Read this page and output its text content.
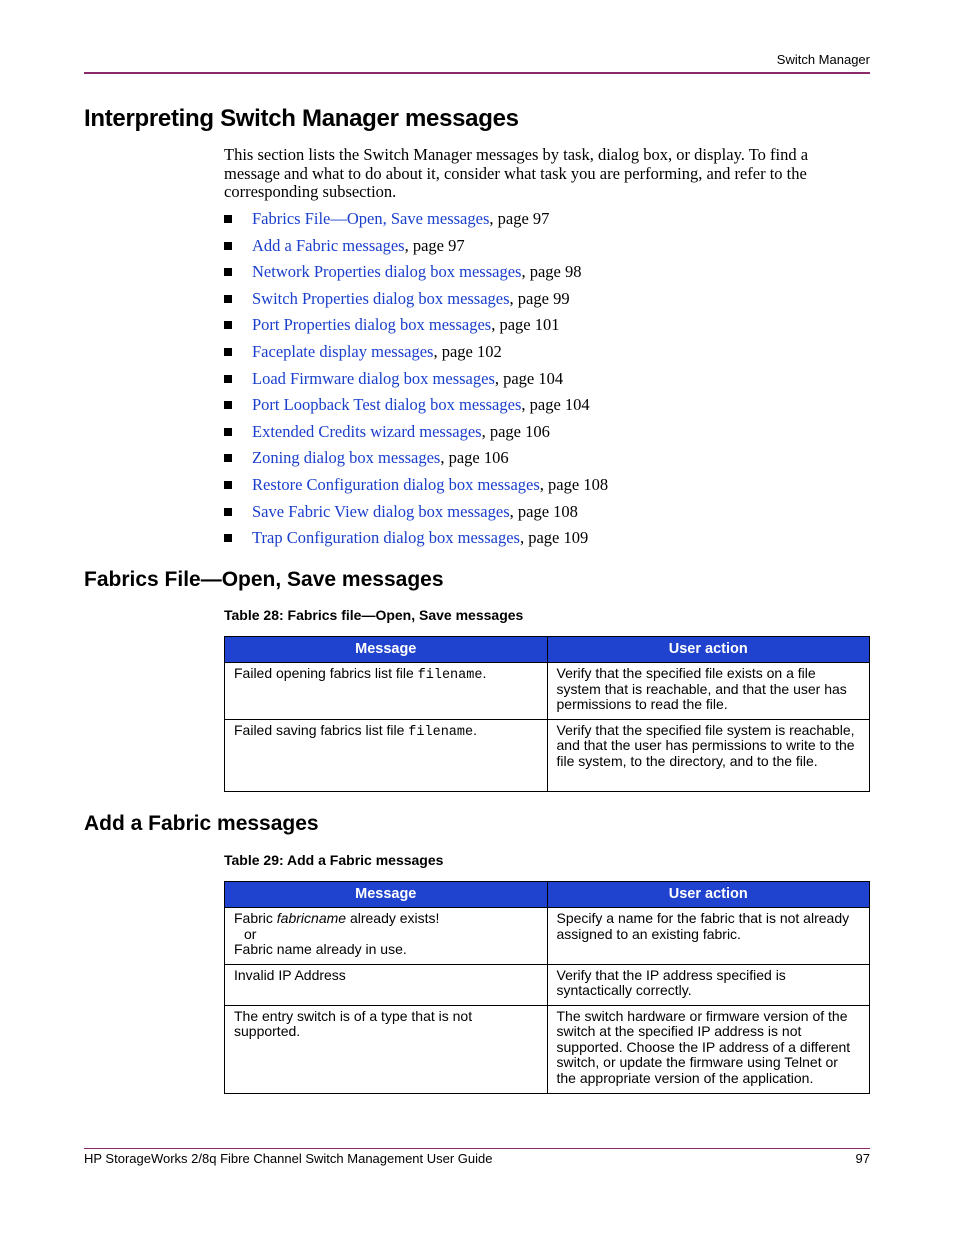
Switch Manager
Interpreting Switch Manager messages

This section lists the Switch Manager messages by task, dialog box, or display. To find a message and what to do about it, consider what task you are performing, and refer to the corresponding subsection.

Fabrics File—Open, Save messages, page 97
Add a Fabric messages, page 97
Network Properties dialog box messages, page 98
Switch Properties dialog box messages, page 99
Port Properties dialog box messages, page 101
Faceplate display messages, page 102
Load Firmware dialog box messages, page 104
Port Loopback Test dialog box messages, page 104
Extended Credits wizard messages, page 106
Zoning dialog box messages, page 106
Restore Configuration dialog box messages, page 108
Save Fabric View dialog box messages, page 108
Trap Configuration dialog box messages, page 109
Fabrics File—Open, Save messages
Table 28: Fabrics file—Open, Save messages
Message	User action
Failed opening fabrics list file filename.	Verify that the specified file exists on a file system that is reachable, and that the user has permissions to read the file.
Failed saving fabrics list file filename.	Verify that the specified file system is reachable, and that the user has permissions to write to the file system, to the directory, and to the file.
Add a Fabric messages
Table 29: Add a Fabric messages
Message	User action

Fabric fabricname already exists!
or
Fabric name already in use.	Specify a name for the fabric that is not already assigned to an existing fabric.
Invalid IP Address	Verify that the IP address specified is syntactically correctly.
The entry switch is of a type that is not supported.	The switch hardware or firmware version of the switch at the specified IP address is not supported. Choose the IP address of a different switch, or update the firmware using Telnet or the appropriate version of the application.
HP StorageWorks 2/8q Fibre Channel Switch Management User Guide	97
